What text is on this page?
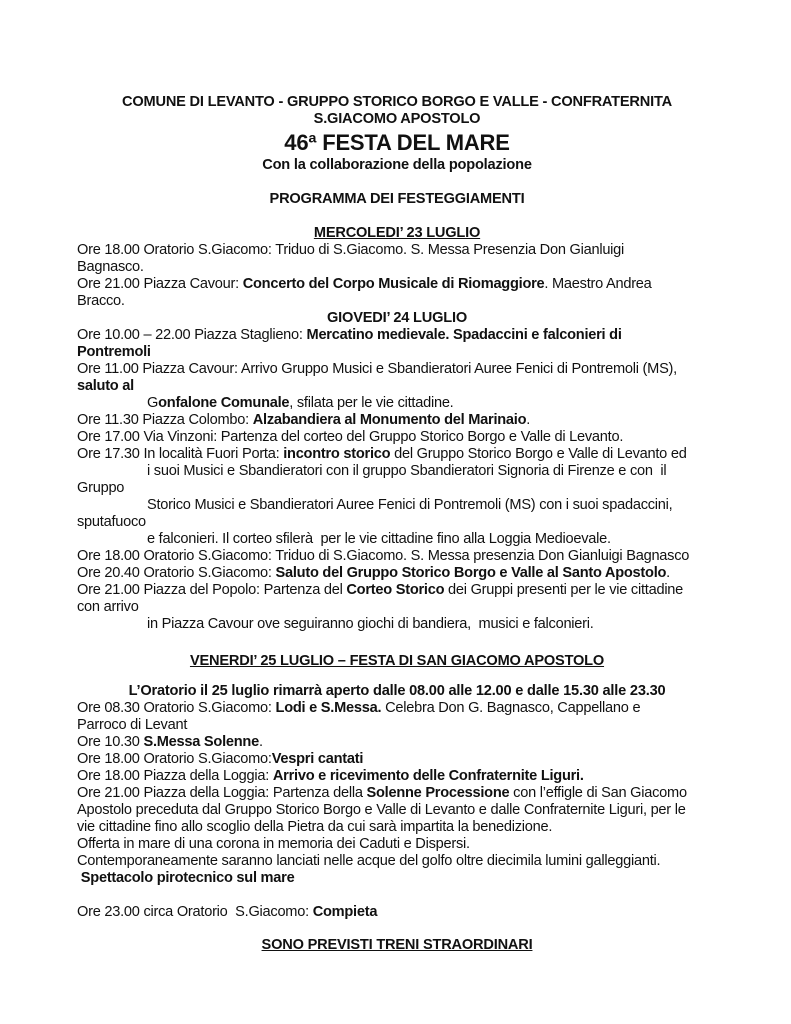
COMUNE DI LEVANTO - GRUPPO STORICO BORGO E VALLE - CONFRATERNITA
S.GIACOMO APOSTOLO
46ª FESTA DEL MARE
Con la collaborazione della popolazione
PROGRAMMA DEI FESTEGGIAMENTI
MERCOLEDI’ 23 LUGLIO
Ore 18.00 Oratorio S.Giacomo: Triduo di S.Giacomo. S. Messa Presenzia Don Gianluigi
Bagnasco.
Ore 21.00 Piazza Cavour: Concerto del Corpo Musicale di Riomaggiore. Maestro Andrea
Bracco.
GIOVEDI’ 24 LUGLIO
Ore 10.00 – 22.00 Piazza Staglieno: Mercatino medievale. Spadaccini e falconieri di
Pontremoli
Ore 11.00 Piazza Cavour: Arrivo Gruppo Musici e Sbandieratori Auree Fenici di Pontremoli (MS),
saluto al
Gonfalone Comunale, sfilata per le vie cittadine.
Ore 11.30 Piazza Colombo: Alzabandiera al Monumento del Marinaio.
Ore 17.00 Via Vinzoni: Partenza del corteo del Gruppo Storico Borgo e Valle di Levanto.
Ore 17.30 In località Fuori Porta: incontro storico del Gruppo Storico Borgo e Valle di Levanto ed
i suoi Musici e Sbandieratori con il gruppo Sbandieratori Signoria di Firenze e con  il
Gruppo
Storico Musici e Sbandieratori Auree Fenici di Pontremoli (MS) con i suoi spadaccini,
sputafuoco
e falconieri. Il corteo sfilerà  per le vie cittadine fino alla Loggia Medioevale.
Ore 18.00 Oratorio S.Giacomo: Triduo di S.Giacomo. S. Messa presenzia Don Gianluigi Bagnasco
Ore 20.40 Oratorio S.Giacomo: Saluto del Gruppo Storico Borgo e Valle al Santo Apostolo.
Ore 21.00 Piazza del Popolo: Partenza del Corteo Storico dei Gruppi presenti per le vie cittadine
con arrivo
in Piazza Cavour ove seguiranno giochi di bandiera,  musici e falconieri.
VENERDI’ 25 LUGLIO – FESTA DI SAN GIACOMO APOSTOLO
L’Oratorio il 25 luglio rimarrà aperto dalle 08.00 alle 12.00 e dalle 15.30 alle 23.30
Ore 08.30 Oratorio S.Giacomo: Lodi e S.Messa. Celebra Don G. Bagnasco, Cappellano e
Parroco di Levant
Ore 10.30 S.Messa Solenne.
Ore 18.00 Oratorio S.Giacomo:Vespri cantati
Ore 18.00 Piazza della Loggia: Arrivo e ricevimento delle Confraternite Liguri.
Ore 21.00 Piazza della Loggia: Partenza della Solenne Processione con l’effigle di San Giacomo
Apostolo preceduta dal Gruppo Storico Borgo e Valle di Levanto e dalle Confraternite Liguri, per le
vie cittadine fino allo scoglio della Pietra da cui sarà impartita la benedizione.
Offerta in mare di una corona in memoria dei Caduti e Dispersi.
Contemporaneamente saranno lanciati nelle acque del golfo oltre diecimila lumini galleggianti.
Spettacolo pirotecnico sul mare
Ore 23.00 circa Oratorio  S.Giacomo: Compieta
SONO PREVISTI TRENI STRAORDINARI
